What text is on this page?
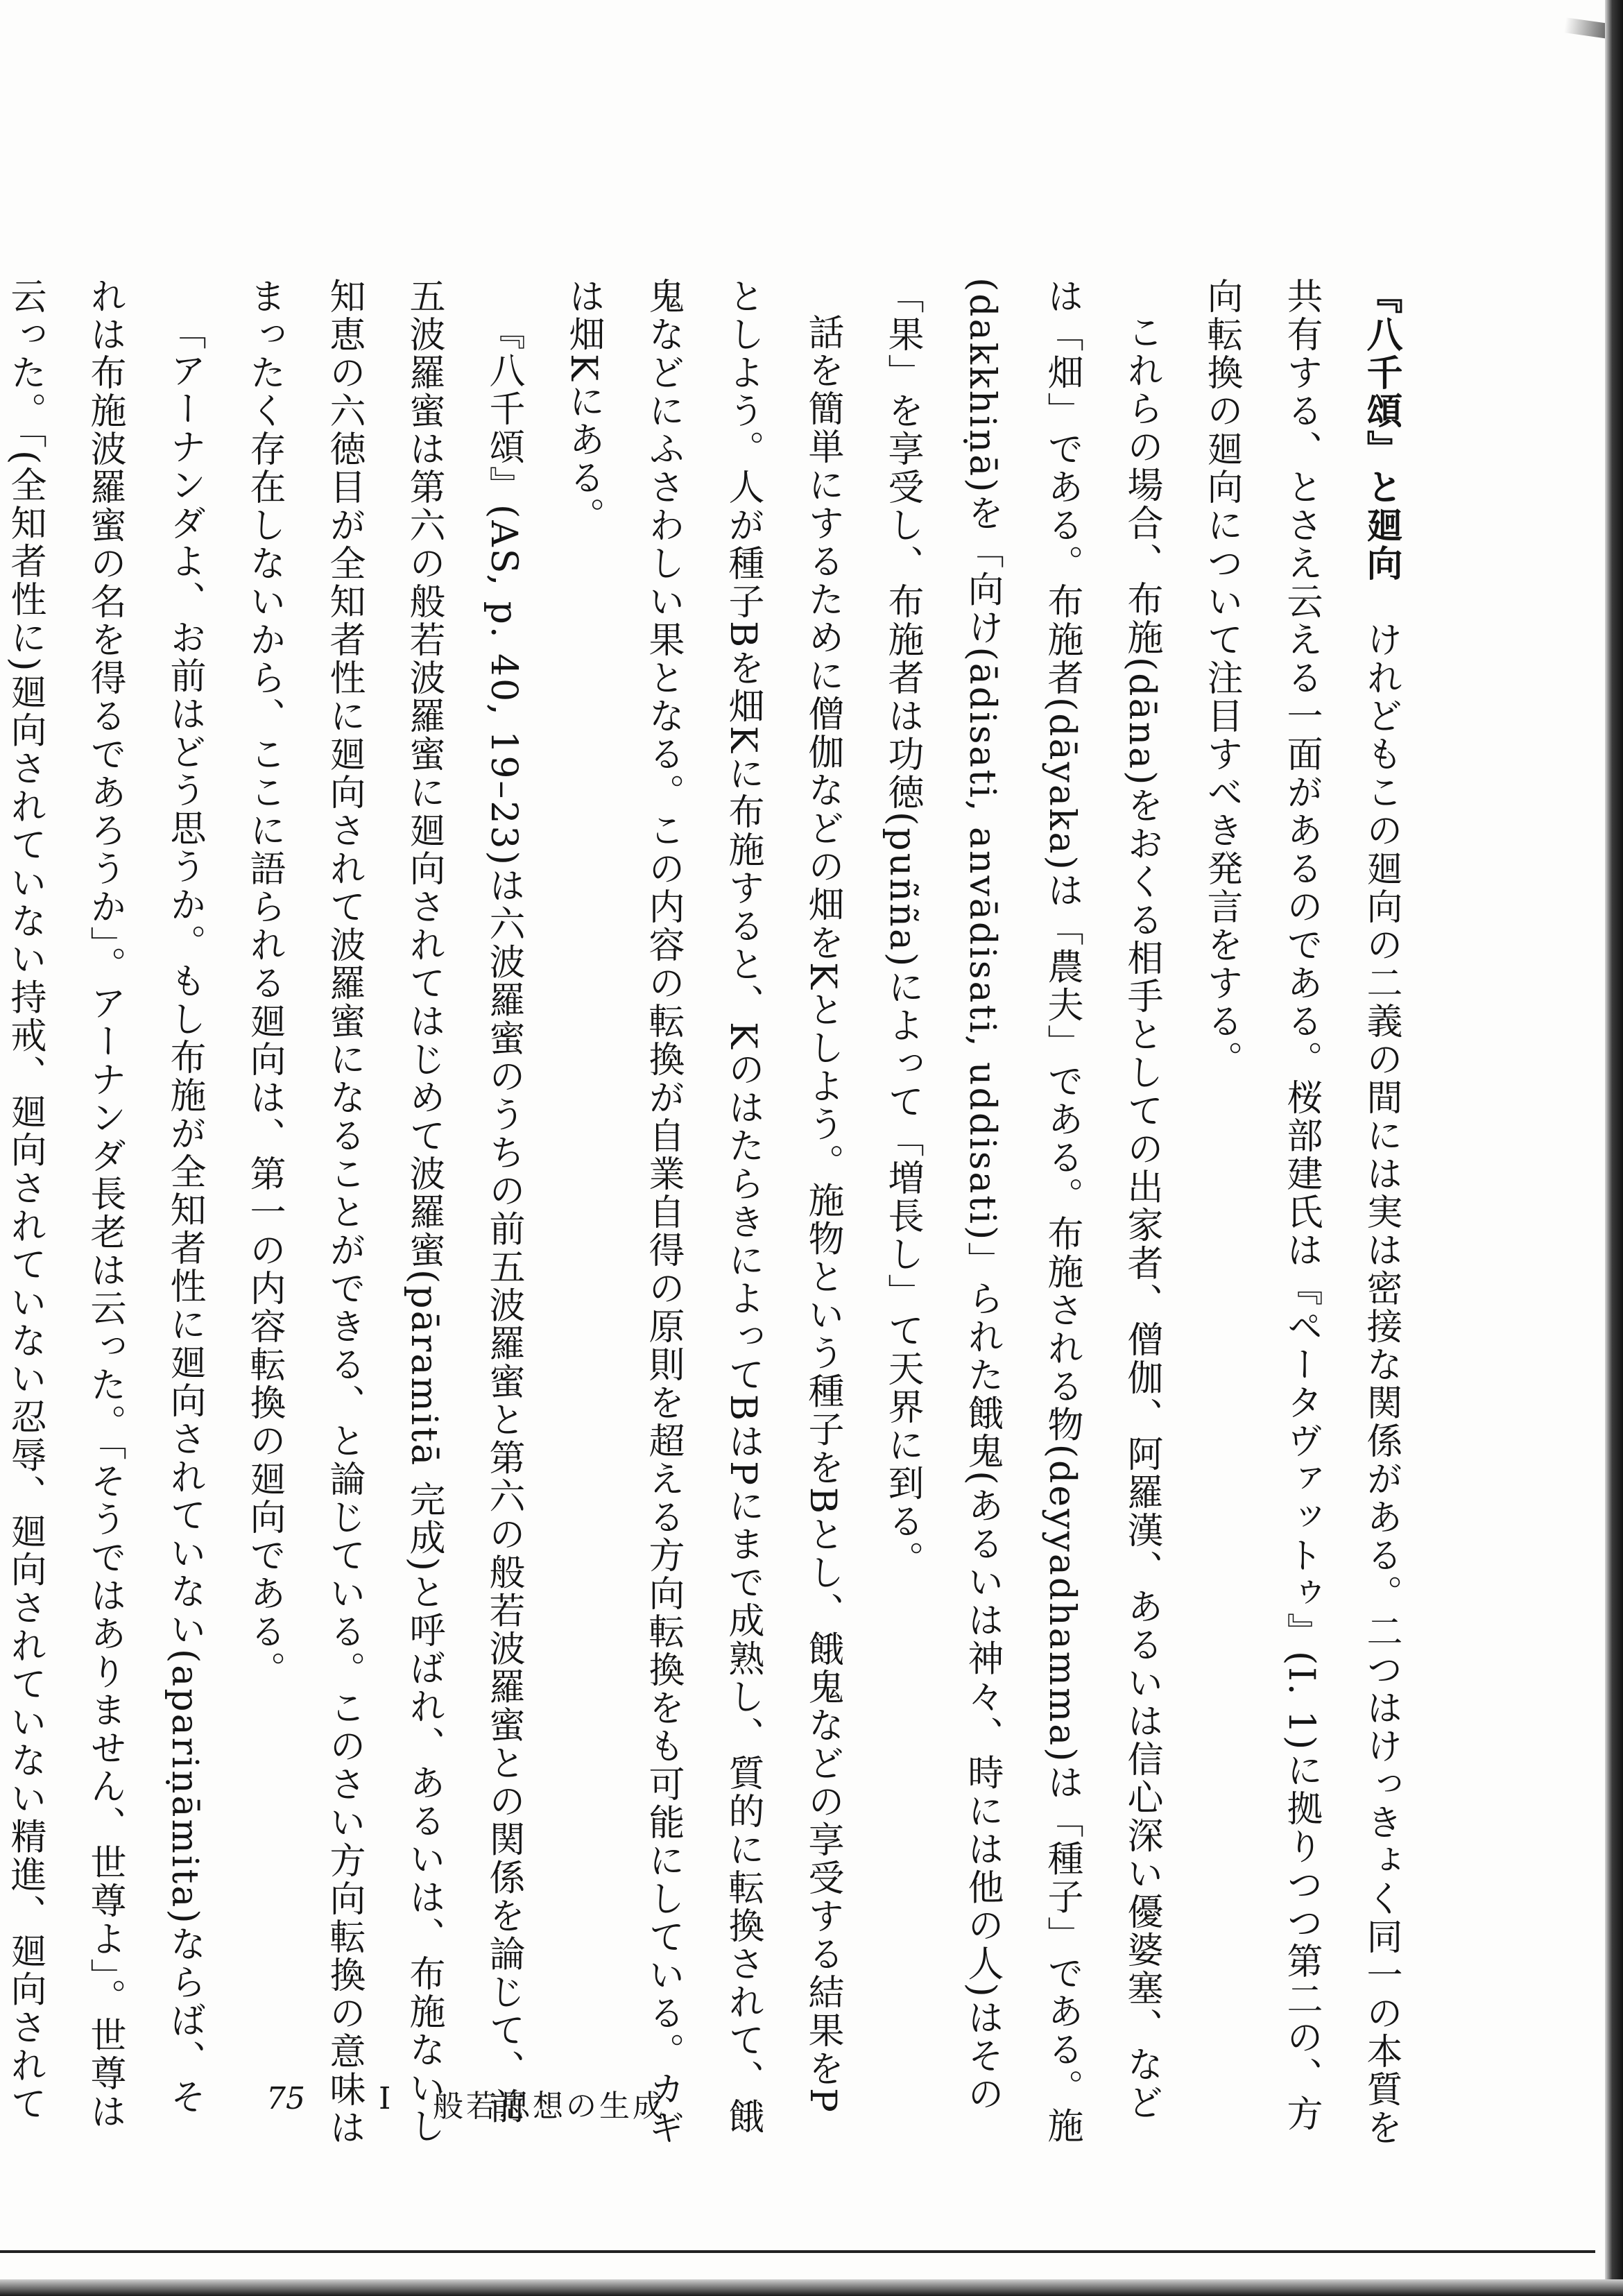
『八千頌』と廻向　けれどもこの廻向の二義の間には実は密接な関係がある。二つはけっきょく同一の本質を共有する、とさえ云える一面があるのである。桜部建氏は『ペータヴァットゥ』(I. 1)に拠りつつ第二の、方向転換の廻向について注目すべき発言をする。

これらの場合、布施(dāna)をおくる相手としての出家者、僧伽、阿羅漢、あるいは信心深い優婆塞、などは「畑」である。布施者(dāyaka)は「農夫」である。布施される物(deyyadhamma)は「種子」である。施(dakkhiṇā)を「向け(ādisati, anvādisati, uddisati)」られた餓鬼(あるいは神々、時には他の人)はその「果」を享受し、布施者は功徳(puñña)によって「増長し」て天界に到る。

話を簡単にするために僧伽などの畑をKとしよう。施物という種子をBとし、餓鬼などの享受する結果をPとしよう。人が種子Bを畑Kに布施すると、KのはたらきによってBはPにまで成熟し、質的に転換されて、餓鬼などにふさわしい果となる。この内容の転換が自業自得の原則を超える方向転換をも可能にしている。カギは畑Kにある。

『八千頌』(AS, p. 40, 19–23)は六波羅蜜のうちの前五波羅蜜と第六の般若波羅蜜との関係を論じて、前五波羅蜜は第六の般若波羅蜜に廻向されてはじめて波羅蜜(pāramitā 完成)と呼ばれ、あるいは、布施ないし知恵の六徳目が全知者性に廻向されて波羅蜜になることができる、と論じている。このさい方向転換の意味はまったく存在しないから、ここに語られる廻向は、第一の内容転換の廻向である。

「アーナンダよ、お前はどう思うか。もし布施が全知者性に廻向されていない(apariṇāmita)ならば、それは布施波羅蜜の名を得るであろうか」。アーナンダ長老は云った。「そうではありません、世尊よ」。世尊は云った。「(全知者性に)廻向されていない持戒、廻向されていない忍辱、廻向されていない精進、廻向されて	75 I 般若思想の生成
